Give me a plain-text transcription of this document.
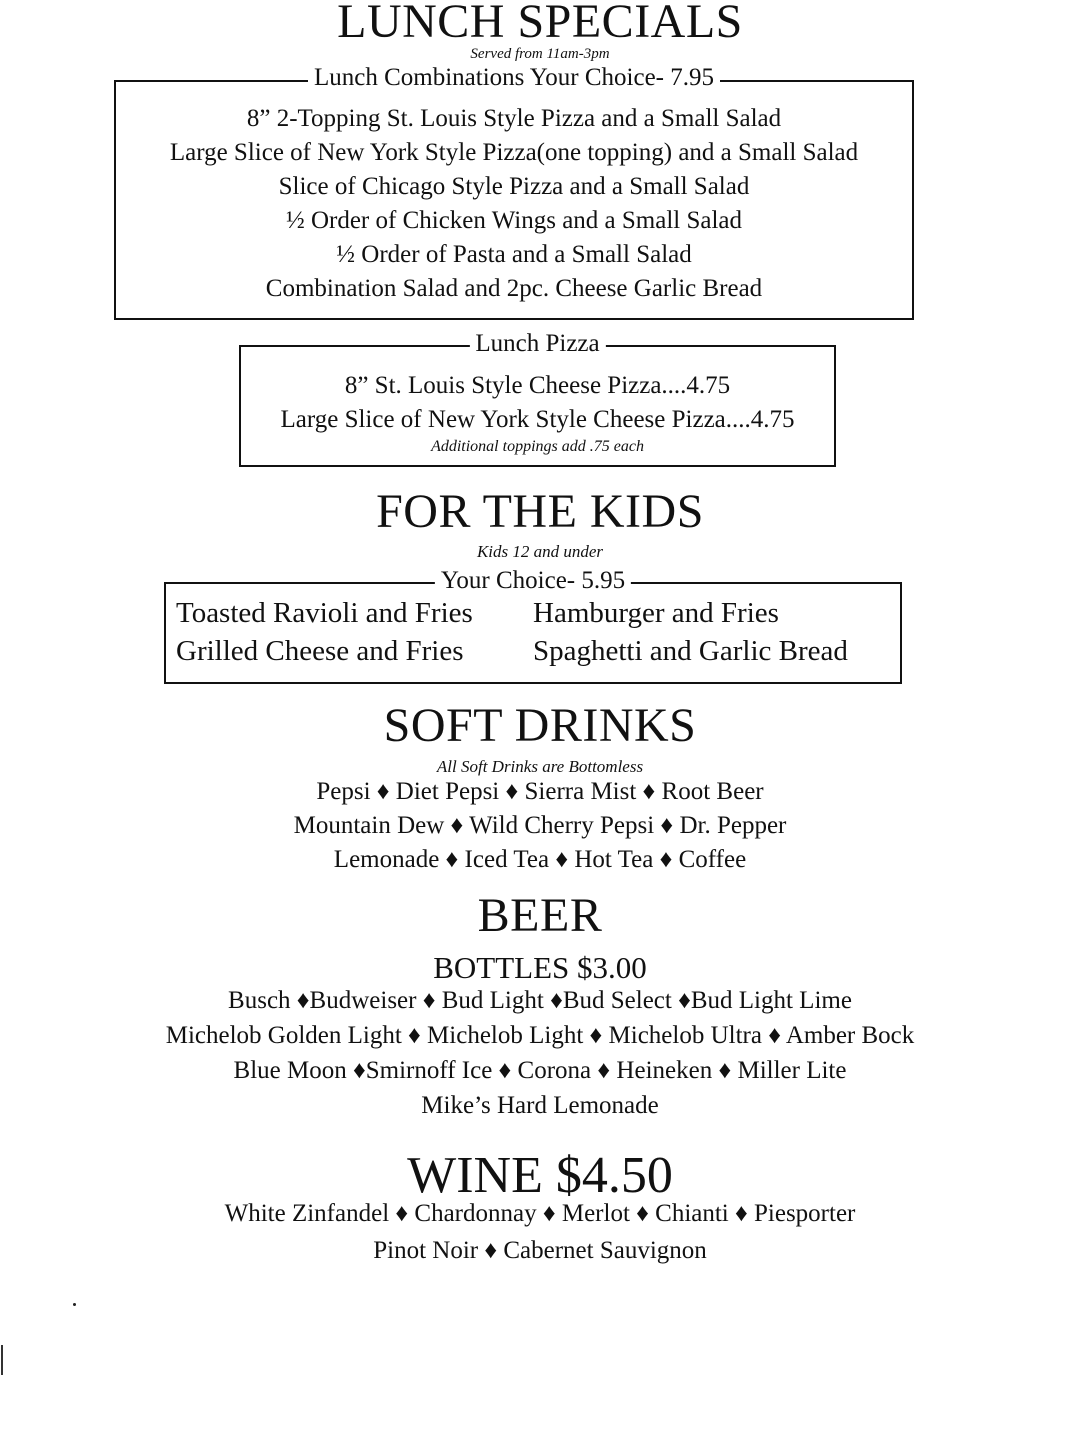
LUNCH SPECIALS
Served from 11am-3pm
Lunch Combinations Your Choice- 7.95
8” 2-Topping St. Louis Style Pizza and a Small Salad
Large Slice of New York Style Pizza(one topping) and a Small Salad
Slice of Chicago Style Pizza and a Small Salad
½ Order of Chicken Wings and a Small Salad
½ Order of Pasta and a Small Salad
Combination Salad and 2pc. Cheese Garlic Bread
Lunch Pizza
8” St. Louis Style Cheese Pizza....4.75
Large Slice of New York Style Cheese Pizza....4.75
Additional toppings add .75 each
FOR THE KIDS
Kids 12 and under
Your Choice- 5.95
Toasted Ravioli and Fries	Hamburger and Fries
Grilled Cheese and Fries	Spaghetti and Garlic Bread
SOFT DRINKS
All Soft Drinks are Bottomless
Pepsi ♦ Diet Pepsi ♦ Sierra Mist ♦ Root Beer
Mountain Dew ♦ Wild Cherry Pepsi ♦ Dr. Pepper
Lemonade ♦ Iced Tea ♦ Hot Tea ♦ Coffee
BEER
BOTTLES $3.00
Busch ♦Budweiser ♦ Bud Light ♦Bud Select ♦Bud Light Lime
Michelob Golden Light ♦ Michelob Light ♦ Michelob Ultra ♦ Amber Bock
Blue Moon ♦Smirnoff Ice ♦ Corona ♦ Heineken ♦ Miller Lite
Mike’s Hard Lemonade
WINE $4.50
White Zinfandel ♦ Chardonnay ♦ Merlot ♦ Chianti ♦ Piesporter
Pinot Noir ♦ Cabernet Sauvignon
